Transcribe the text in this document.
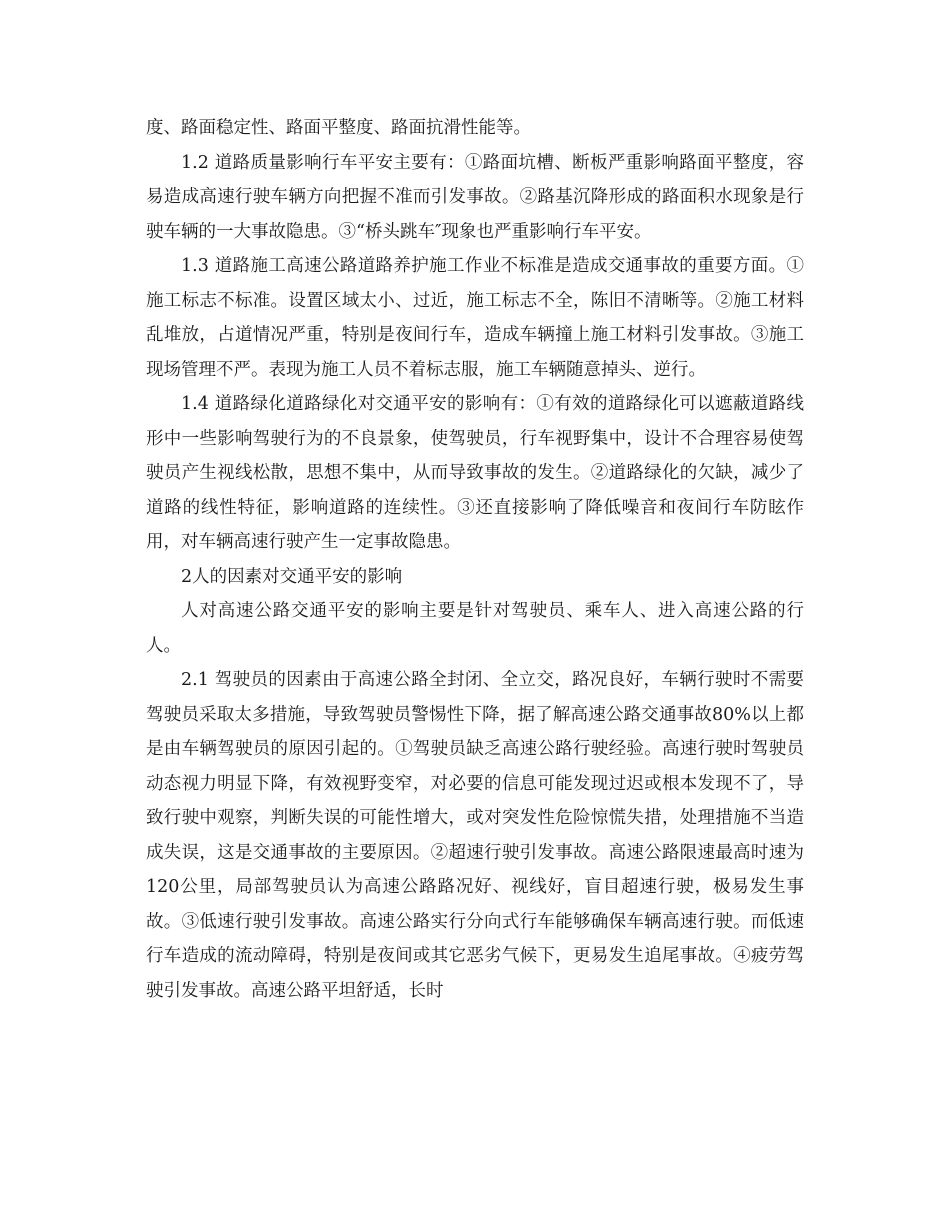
度、路面稳定性、路面平整度、路面抗滑性能等。

1.2 道路质量影响行车平安主要有：①路面坑槽、断板严重影响路面平整度，容易造成高速行驶车辆方向把握不准而引发事故。②路基沉降形成的路面积水现象是行驶车辆的一大事故隐患。③“桥头跳车″现象也严重影响行车平安。

1.3 道路施工高速公路道路养护施工作业不标准是造成交通事故的重要方面。①施工标志不标准。设置区域太小、过近，施工标志不全，陈旧不清晰等。②施工材料乱堆放，占道情况严重，特别是夜间行车，造成车辆撞上施工材料引发事故。③施工现场管理不严。表现为施工人员不着标志服，施工车辆随意掉头、逆行。

1.4 道路绿化道路绿化对交通平安的影响有：①有效的道路绿化可以遮蔽道路线形中一些影响驾驶行为的不良景象，使驾驶员，行车视野集中，设计不合理容易使驾驶员产生视线松散，思想不集中，从而导致事故的发生。②道路绿化的欠缺，减少了道路的线性特征，影响道路的连续性。③还直接影响了降低噪音和夜间行车防眩作用，对车辆高速行驶产生一定事故隐患。

2人的因素对交通平安的影响

人对高速公路交通平安的影响主要是针对驾驶员、乘车人、进入高速公路的行人。

2.1 驾驶员的因素由于高速公路全封闭、全立交，路况良好，车辆行驶时不需要驾驶员采取太多措施，导致驾驶员警惕性下降，据了解高速公路交通事故80%以上都是由车辆驾驶员的原因引起的。①驾驶员缺乏高速公路行驶经验。高速行驶时驾驶员动态视力明显下降，有效视野变窄，对必要的信息可能发现过迟或根本发现不了，导致行驶中观察，判断失误的可能性增大，或对突发性危险惊慌失措，处理措施不当造成失误，这是交通事故的主要原因。②超速行驶引发事故。高速公路限速最高时速为120公里，局部驾驶员认为高速公路路况好、视线好，盲目超速行驶，极易发生事故。③低速行驶引发事故。高速公路实行分向式行车能够确保车辆高速行驶。而低速行车造成的流动障碍，特别是夜间或其它恶劣气候下，更易发生追尾事故。④疲劳驾驶引发事故。高速公路平坦舒适，长时
